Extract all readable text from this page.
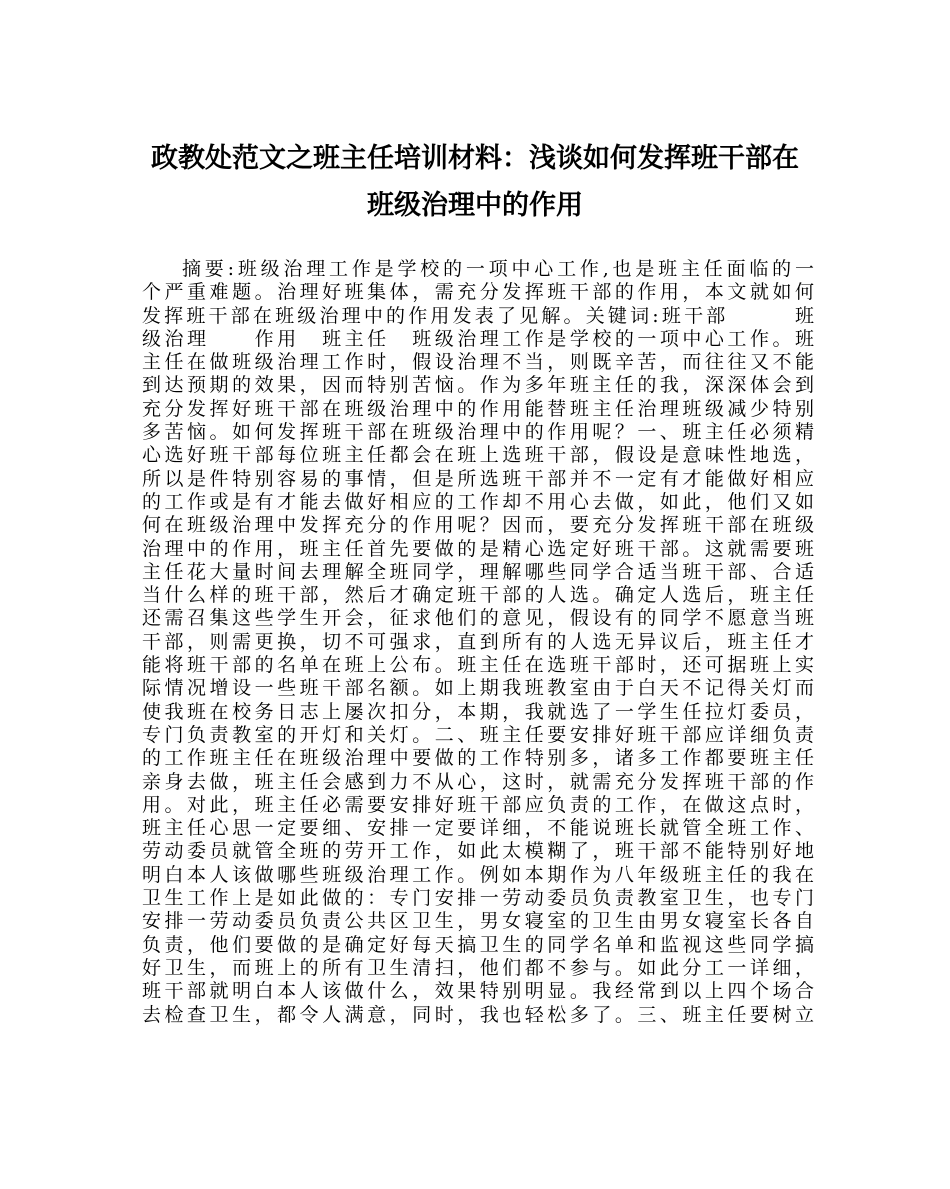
政教处范文之班主任培训材料：浅谈如何发挥班干部在
班级治理中的作用
摘要:班级治理工作是学校的一项中心工作,也是班主任面临的一
个严重难题。治理好班集体，需充分发挥班干部的作用，本文就如何
发挥班干部在班级治理中的作用发表了见解。关键词:班干部　　　班
级治理　　作用　班主任　班级治理工作是学校的一项中心工作。班
主任在做班级治理工作时，假设治理不当，则既辛苦，而往往又不能
到达预期的效果，因而特别苦恼。作为多年班主任的我，深深体会到
充分发挥好班干部在班级治理中的作用能替班主任治理班级减少特别
多苦恼。如何发挥班干部在班级治理中的作用呢？一、班主任必须精
心选好班干部每位班主任都会在班上选班干部，假设是意味性地选，
所以是件特别容易的事情，但是所选班干部并不一定有才能做好相应
的工作或是有才能去做好相应的工作却不用心去做，如此，他们又如
何在班级治理中发挥充分的作用呢？因而，要充分发挥班干部在班级
治理中的作用，班主任首先要做的是精心选定好班干部。这就需要班
主任花大量时间去理解全班同学，理解哪些同学合适当班干部、合适
当什么样的班干部，然后才确定班干部的人选。确定人选后，班主任
还需召集这些学生开会，征求他们的意见，假设有的同学不愿意当班
干部，则需更换，切不可强求，直到所有的人选无异议后，班主任才
能将班干部的名单在班上公布。班主任在选班干部时，还可据班上实
际情况增设一些班干部名额。如上期我班教室由于白天不记得关灯而
使我班在校务日志上屡次扣分，本期，我就选了一学生任拉灯委员，
专门负责教室的开灯和关灯。二、班主任要安排好班干部应详细负责
的工作班主任在班级治理中要做的工作特别多，诸多工作都要班主任
亲身去做，班主任会感到力不从心，这时，就需充分发挥班干部的作
用。对此，班主任必需要安排好班干部应负责的工作，在做这点时，
班主任心思一定要细、安排一定要详细，不能说班长就管全班工作、
劳动委员就管全班的劳开工作，如此太模糊了，班干部不能特别好地
明白本人该做哪些班级治理工作。例如本期作为八年级班主任的我在
卫生工作上是如此做的：专门安排一劳动委员负责教室卫生，也专门
安排一劳动委员负责公共区卫生，男女寝室的卫生由男女寝室长各自
负责，他们要做的是确定好每天搞卫生的同学名单和监视这些同学搞
好卫生，而班上的所有卫生清扫，他们都不参与。如此分工一详细，
班干部就明白本人该做什么，效果特别明显。我经常到以上四个场合
去检查卫生，都令人满意，同时，我也轻松多了。三、班主任要树立
